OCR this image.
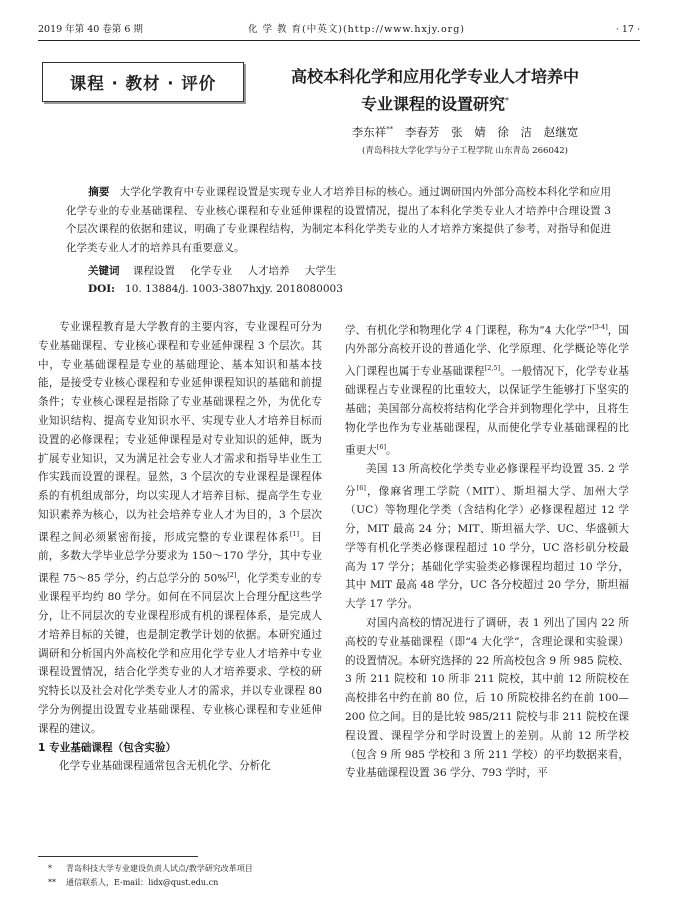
2019 年第 40 卷第 6 期	化 学 教 育(中英文)(http://www.hxjy.org)	· 17 ·
课程 · 教材 · 评价	高校本科化学和应用化学专业人才培养中
专业课程的设置研究*
李东祥** 李春芳 张 婧 徐 洁 赵继宽
(青岛科技大学化学与分子工程学院 山东青岛 266042)
摘要 大学化学教育中专业课程设置是实现专业人才培养目标的核心。通过调研国内外部分高校本科化学和应用化学专业的专业基础课程、专业核心课程和专业延伸课程的设置情况，提出了本科化学类专业人才培养中合理设置 3 个层次课程的依据和建议，明确了专业课程结构，为制定本科化学类专业的人才培养方案提供了参考，对指导和促进化学类专业人才的培养具有重要意义。
关键词 课程设置 化学专业 人才培养 大学生
DOI: 10. 13884/j. 1003-3807hxjy. 2018080003

专业课程教育是大学教育的主要内容，专业课程可分为专业基础课程、专业核心课程和专业延伸课程 3 个层次。其中，专业基础课程是专业的基础理论、基本知识和基本技能，是接受专业核心课程和专业延伸课程知识的基础和前提条件；专业核心课程是指除了专业基础课程之外，为优化专业知识结构、提高专业知识水平、实现专业人才培养目标而设置的必修课程；专业延伸课程是对专业知识的延伸，既为扩展专业知识，又为满足社会专业人才需求和指导毕业生工作实践而设置的课程。显然，3 个层次的专业课程是课程体系的有机组成部分，均以实现人才培养目标、提高学生专业知识素养为核心，以为社会培养专业人才为目的，3 个层次课程之间必须紧密衔接，形成完整的专业课程体系[1]。目前，多数大学毕业总学分要求为 150～170 学分，其中专业课程 75～85 学分，约占总学分的 50%[2]，化学类专业的专业课程平均约 80 学分。如何在不同层次上合理分配这些学分，让不同层次的专业课程形成有机的课程体系，是完成人才培养目标的关键，也是制定教学计划的依据。本研究通过调研和分析国内外高校化学和应用化学专业人才培养中专业课程设置情况，结合化学类专业的人才培养要求、学校的研究特长以及社会对化学类专业人才的需求，并以专业课程 80 学分为例提出设置专业基础课程、专业核心课程和专业延伸课程的建议。

1 专业基础课程（包含实验）

化学专业基础课程通常包含无机化学、分析化

学、有机化学和物理化学 4 门课程，称为“4 大化学”[3-4]，国内外部分高校开设的普通化学、化学原理、化学概论等化学入门课程也属于专业基础课程[2,5]。一般情况下，化学专业基础课程占专业课程的比重较大，以保证学生能够打下坚实的基础；美国部分高校将结构化学合并到物理化学中，且将生物化学也作为专业基础课程，从而使化学专业基础课程的比重更大[6]。

美国 13 所高校化学类专业必修课程平均设置 35. 2 学分[6]，像麻省理工学院（MIT）、斯坦福大学、加州大学（UC）等物理化学类（含结构化学）必修课程超过 12 学分，MIT 最高 24 分；MIT、斯坦福大学、UC、华盛顿大学等有机化学类必修课程超过 10 学分，UC 洛杉矶分校最高为 17 学分；基础化学实验类必修课程均超过 10 学分，其中 MIT 最高 48 学分，UC 各分校超过 20 学分，斯坦福大学 17 学分。

对国内高校的情况进行了调研，表 1 列出了国内 22 所高校的专业基础课程（即“4 大化学”，含理论课和实验课）的设置情况。本研究选择的 22 所高校包含 9 所 985 院校、3 所 211 院校和 10 所非 211 院校，其中前 12 所院校在高校排名中约在前 80 位，后 10 所院校排名约在前 100—200 位之间。目的是比较 985/211 院校与非 211 院校在课程设置、课程学分和学时设置上的差别。从前 12 所学校（包含 9 所 985 学校和 3 所 211 学校）的平均数据来看，专业基础课程设置 36 学分、793 学时，平

* 青岛科技大学专业建设负责人试点/教学研究改革项目
** 通信联系人，E-mail：lidx@qust.edu.cn
